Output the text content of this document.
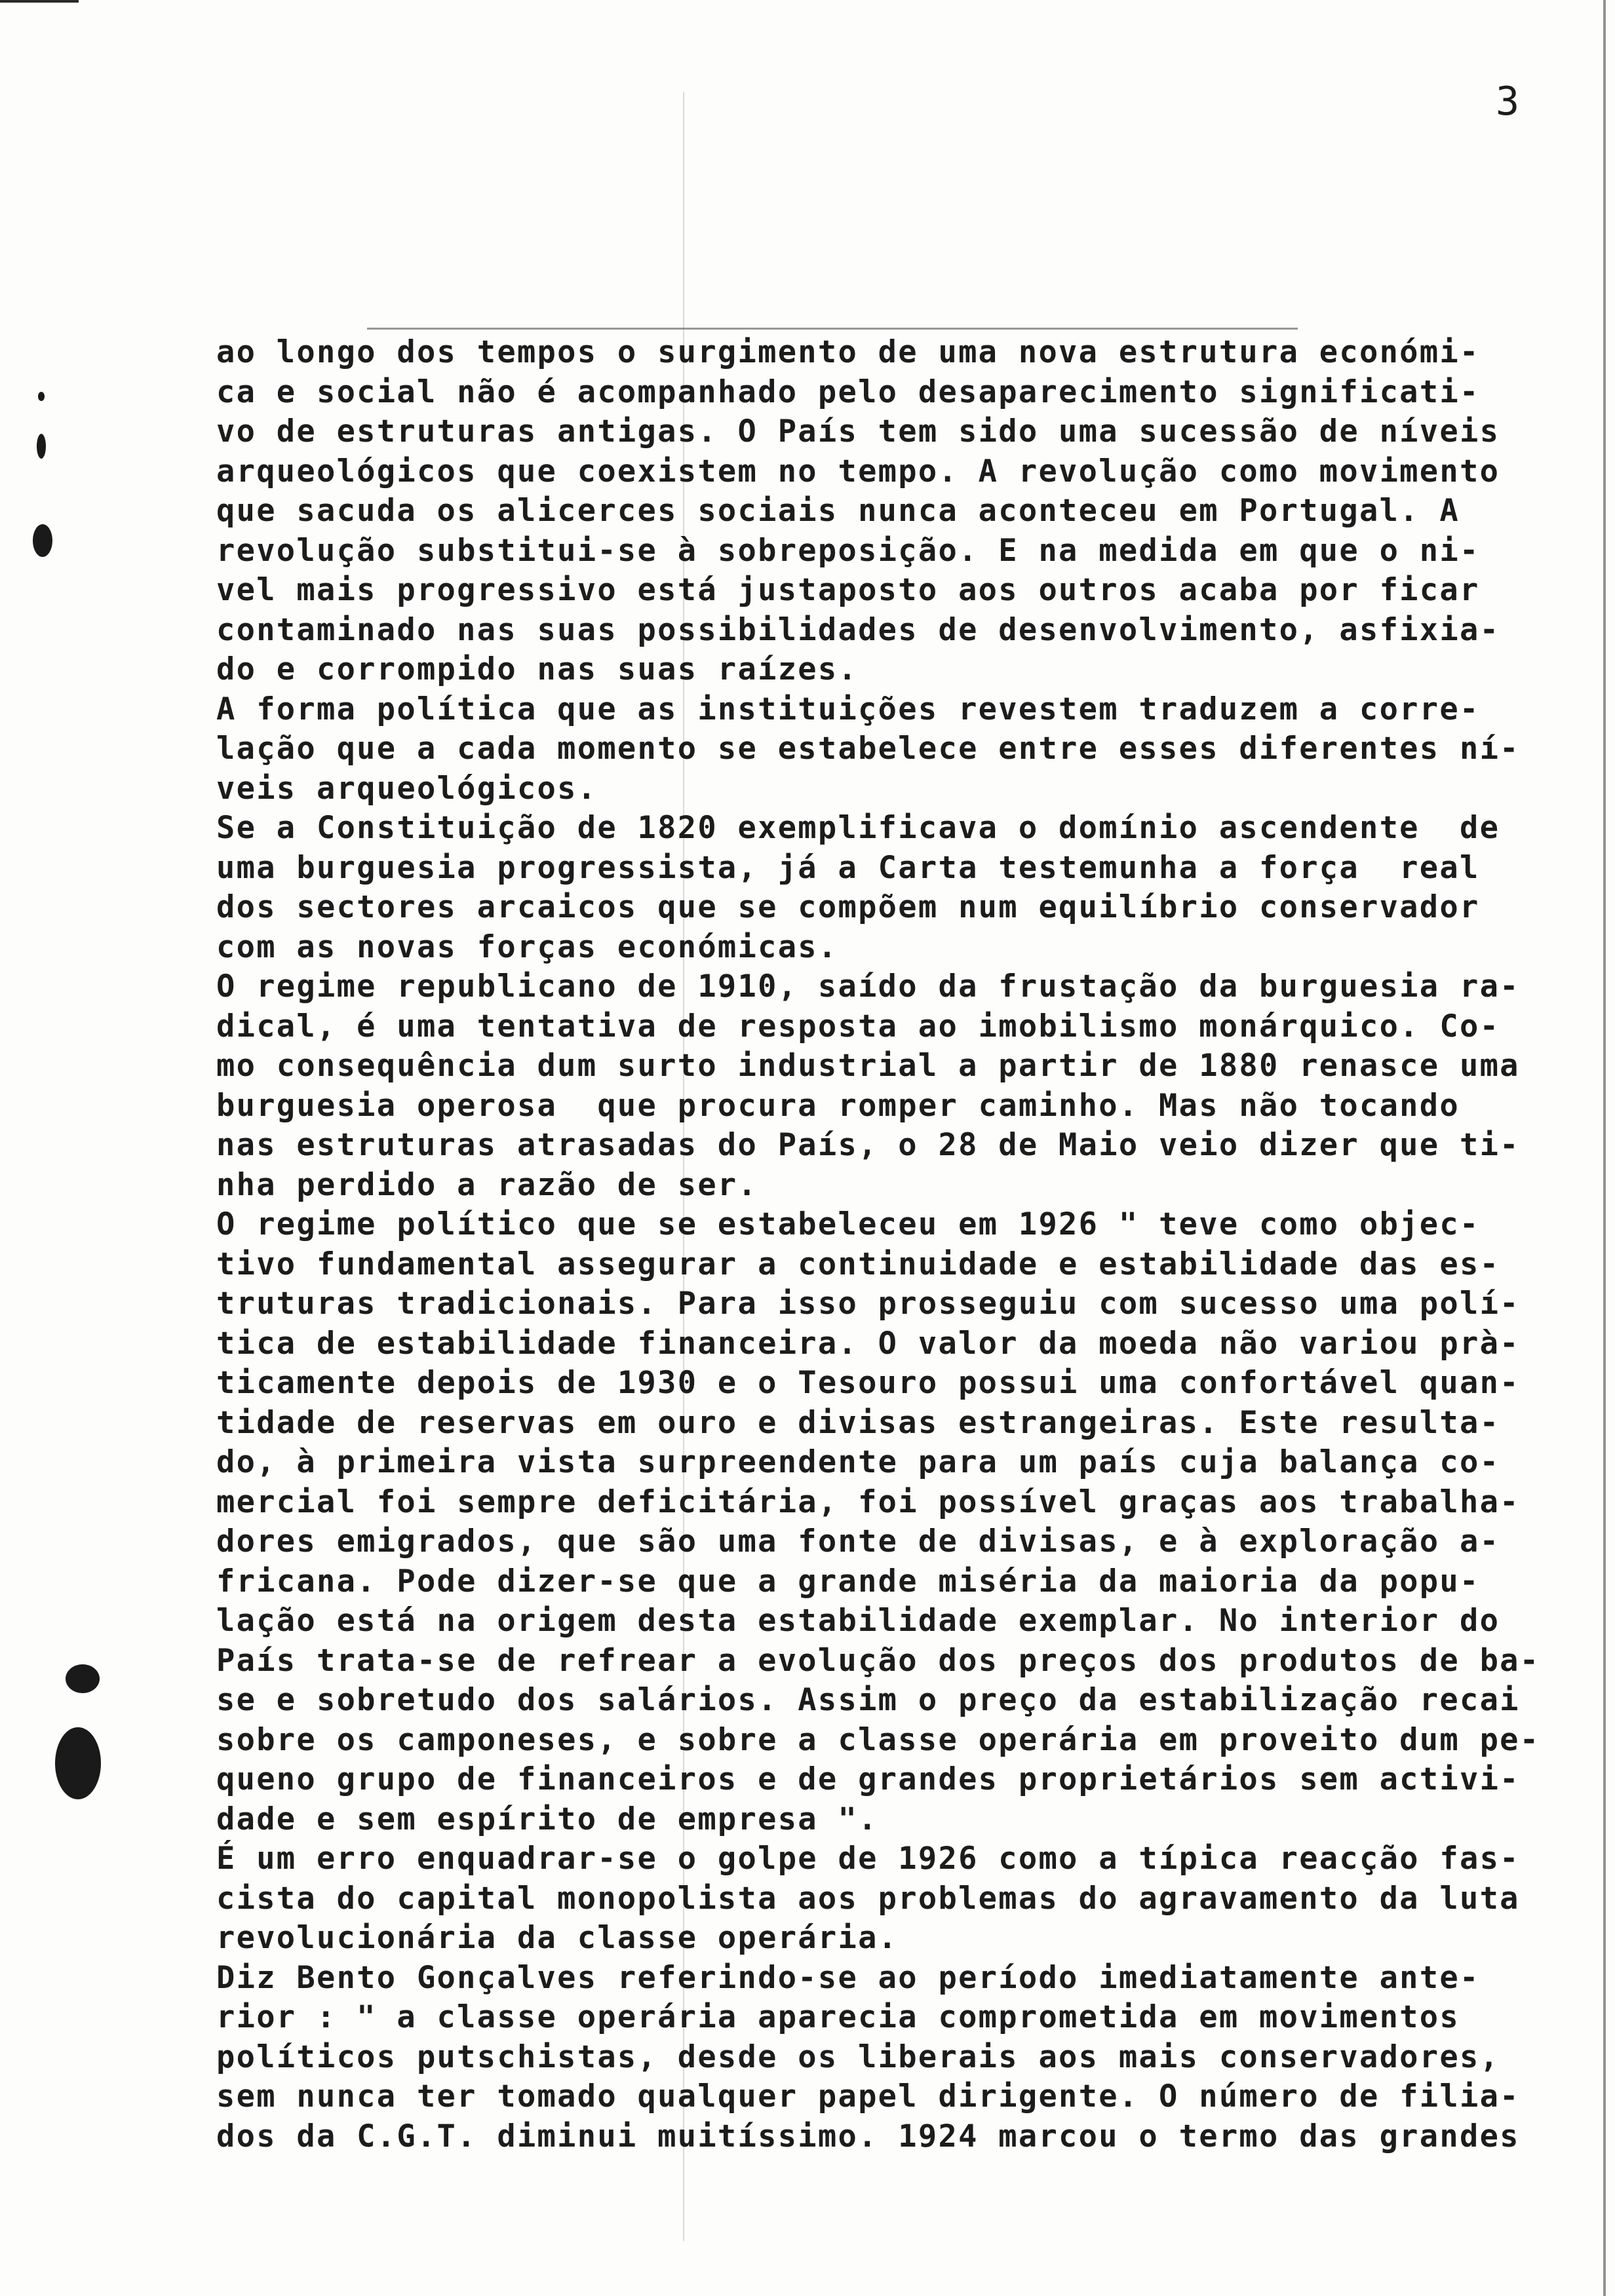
3
ao longo dos tempos o surgimento de uma nova estrutura económi-
ca e social não é acompanhado pelo desaparecimento significati-
vo de estruturas antigas. O País tem sido uma sucessão de níveis
arqueológicos que coexistem no tempo. A revolução como movimento
que sacuda os alicerces sociais nunca aconteceu em Portugal. A
revolução substitui-se à sobreposição. E na medida em que o ni-
vel mais progressivo está justaposto aos outros acaba por ficar
contaminado nas suas possibilidades de desenvolvimento, asfixia-
do e corrompido nas suas raízes.
A forma política que as instituições revestem traduzem a corre-
lação que a cada momento se estabelece entre esses diferentes ní-
veis arqueológicos.
Se a Constituição de 1820 exemplificava o domínio ascendente  de
uma burguesia progressista, já a Carta testemunha a força  real
dos sectores arcaicos que se compõem num equilíbrio conservador
com as novas forças económicas.
O regime republicano de 1910, saído da frustação da burguesia ra-
dical, é uma tentativa de resposta ao imobilismo monárquico. Co-
mo consequência dum surto industrial a partir de 1880 renasce uma
burguesia operosa  que procura romper caminho. Mas não tocando
nas estruturas atrasadas do País, o 28 de Maio veio dizer que ti-
nha perdido a razão de ser.
O regime político que se estabeleceu em 1926 " teve como objec-
tivo fundamental assegurar a continuidade e estabilidade das es-
truturas tradicionais. Para isso prosseguiu com sucesso uma polí-
tica de estabilidade financeira. O valor da moeda não variou prà-
ticamente depois de 1930 e o Tesouro possui uma confortável quan-
tidade de reservas em ouro e divisas estrangeiras. Este resulta-
do, à primeira vista surpreendente para um país cuja balança co-
mercial foi sempre deficitária, foi possível graças aos trabalha-
dores emigrados, que são uma fonte de divisas, e à exploração a-
fricana. Pode dizer-se que a grande miséria da maioria da popu-
lação está na origem desta estabilidade exemplar. No interior do
País trata-se de refrear a evolução dos preços dos produtos de ba-
se e sobretudo dos salários. Assim o preço da estabilização recai
sobre os camponeses, e sobre a classe operária em proveito dum pe-
queno grupo de financeiros e de grandes proprietários sem activi-
dade e sem espírito de empresa ".
É um erro enquadrar-se o golpe de 1926 como a típica reacção fas-
cista do capital monopolista aos problemas do agravamento da luta
revolucionária da classe operária.
Diz Bento Gonçalves referindo-se ao período imediatamente ante-
rior : " a classe operária aparecia comprometida em movimentos
políticos putschistas, desde os liberais aos mais conservadores,
sem nunca ter tomado qualquer papel dirigente. O número de filia-
dos da C.G.T. diminui muitíssimo. 1924 marcou o termo das grandes
